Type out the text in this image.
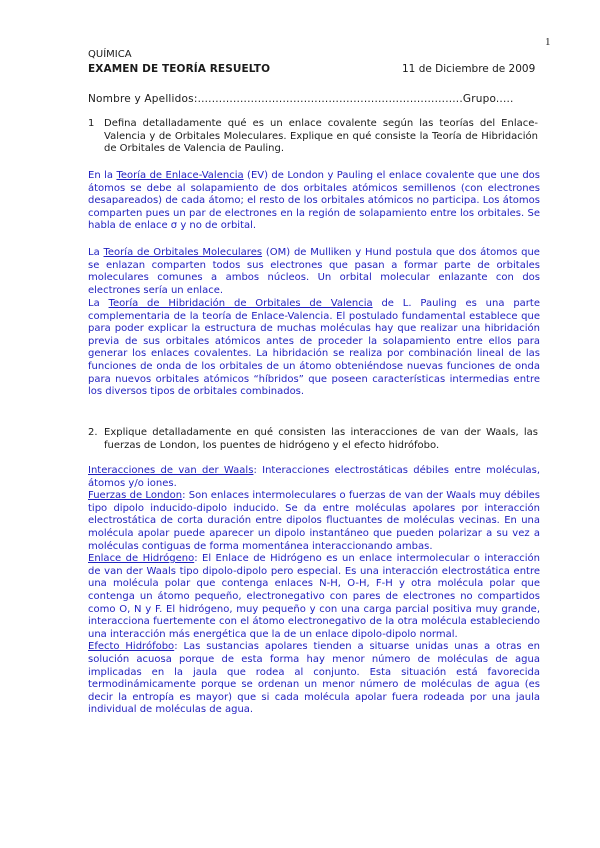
1
QUÍMICA
EXAMEN DE TEORÍA RESUELTO	11 de Diciembre de 2009
Nombre y Apellidos:...........................................................................Grupo.....
1 Defina detalladamente qué es un enlace covalente según las teorías del Enlace-Valencia y de Orbitales Moleculares. Explique en qué consiste la Teoría de Hibridación de Orbitales de Valencia de Pauling.

En la Teoría de Enlace-Valencia (EV) de London y Pauling el enlace covalente que une dos átomos se debe al solapamiento de dos orbitales atómicos semillenos (con electrones desapareados) de cada átomo; el resto de los orbitales atómicos no participa. Los átomos comparten pues un par de electrones en la región de solapamiento entre los orbitales. Se habla de enlace σ y no de orbital.

La Teoría de Orbitales Moleculares (OM) de Mulliken y Hund postula que dos átomos que se enlazan comparten todos sus electrones que pasan a formar parte de orbitales moleculares comunes a ambos núcleos. Un orbital molecular enlazante con dos electrones sería un enlace.

La Teoría de Hibridación de Orbitales de Valencia de L. Pauling es una parte complementaria de la teoría de Enlace-Valencia. El postulado fundamental establece que para poder explicar la estructura de muchas moléculas hay que realizar una hibridación previa de sus orbitales atómicos antes de proceder la solapamiento entre ellos para generar los enlaces covalentes. La hibridación se realiza por combinación lineal de las funciones de onda de los orbitales de un átomo obteniéndose nuevas funciones de onda para nuevos orbitales atómicos “híbridos” que poseen características intermedias entre los diversos tipos de orbitales combinados.

2. Explique detalladamente en qué consisten las interacciones de van der Waals, las fuerzas de London, los puentes de hidrógeno y el efecto hidrófobo.

Interacciones de van der Waals: Interacciones electrostáticas débiles entre moléculas, átomos y/o iones.

Fuerzas de London: Son enlaces intermoleculares o fuerzas de van der Waals muy débiles tipo dipolo inducido-dipolo inducido. Se da entre moléculas apolares por interacción electrostática de corta duración entre dipolos fluctuantes de moléculas vecinas. En una molécula apolar puede aparecer un dipolo instantáneo que pueden polarizar a su vez a moléculas contiguas de forma momentánea interaccionando ambas.

Enlace de Hidrógeno: El Enlace de Hidrógeno es un enlace intermolecular o interacción de van der Waals tipo dipolo-dipolo pero especial. Es una interacción electrostática entre una molécula polar que contenga enlaces N-H, O-H, F-H y otra molécula polar que contenga un átomo pequeño, electronegativo con pares de electrones no compartidos como O, N y F. El hidrógeno, muy pequeño y con una carga parcial positiva muy grande, interacciona fuertemente con el átomo electronegativo de la otra molécula estableciendo una interacción más energética que la de un enlace dipolo-dipolo normal.

Efecto Hidrófobo: Las sustancias apolares tienden a situarse unidas unas a otras en solución acuosa porque de esta forma hay menor número de moléculas de agua implicadas en la jaula que rodea al conjunto. Esta situación está favorecida termodinámicamente porque se ordenan un menor número de moléculas de agua (es decir la entropía es mayor) que si cada molécula apolar fuera rodeada por una jaula individual de moléculas de agua.
